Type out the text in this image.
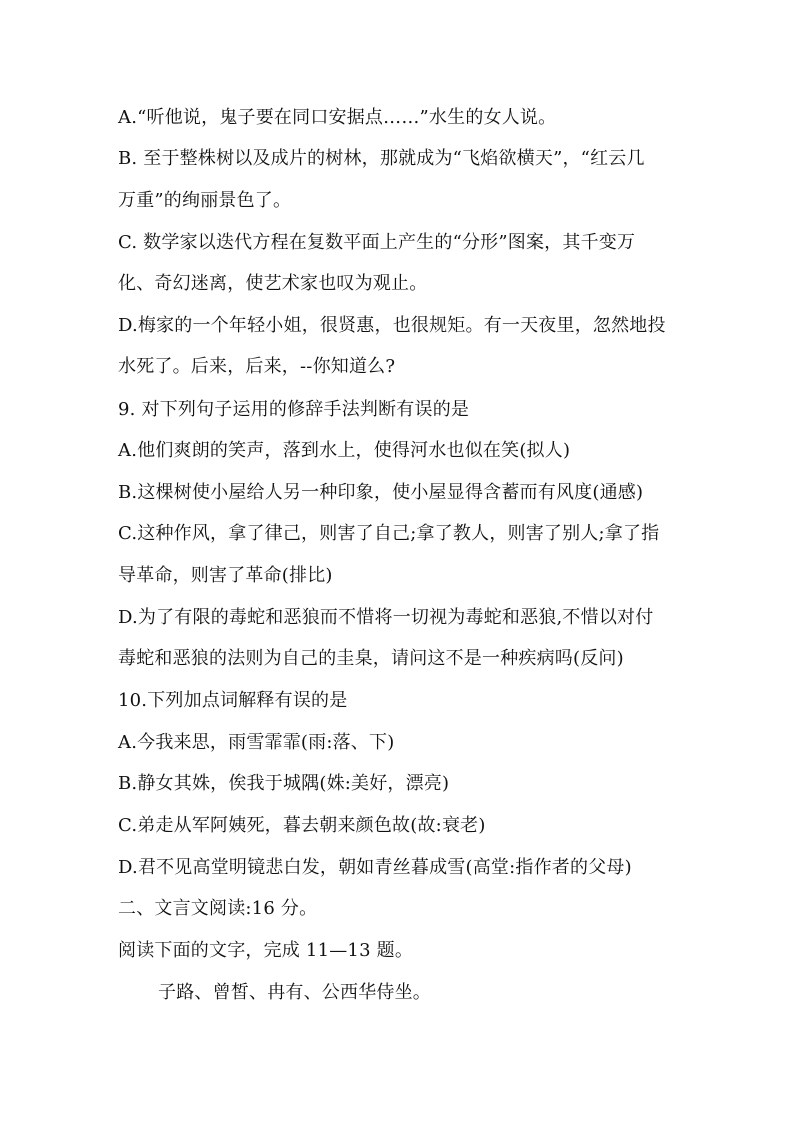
A.“听他说，鬼子要在同口安据点……”水生的女人说。
B. 至于整株树以及成片的树林，那就成为“飞焰欲横天”，“红云几
万重”的绚丽景色了。
C. 数学家以迭代方程在复数平面上产生的“分形”图案，其千变万
化、奇幻迷离，使艺术家也叹为观止。
D.梅家的一个年轻小姐，很贤惠，也很规矩。有一天夜里，忽然地投
水死了。后来，后来，--你知道么?
9. 对下列句子运用的修辞手法判断有误的是
A.他们爽朗的笑声，落到水上，使得河水也似在笑(拟人)
B.这棵树使小屋给人另一种印象，使小屋显得含蓄而有风度(通感)
C.这种作风，拿了律己，则害了自己;拿了教人，则害了别人;拿了指
导革命，则害了革命(排比)
D.为了有限的毒蛇和恶狼而不惜将一切视为毒蛇和恶狼,不惜以对付
毒蛇和恶狼的法则为自己的圭臬，请问这不是一种疾病吗(反问)
10.下列加点词解释有误的是
A.今我来思，雨雪霏霏(雨:落、下)
B.静女其姝，俟我于城隅(姝:美好，漂亮)
C.弟走从军阿姨死，暮去朝来颜色故(故:衰老)
D.君不见高堂明镜悲白发，朝如青丝暮成雪(高堂:指作者的父母)
二、文言文阅读:16 分。
阅读下面的文字，完成 11—13 题。
子路、曾皙、冉有、公西华侍坐。
